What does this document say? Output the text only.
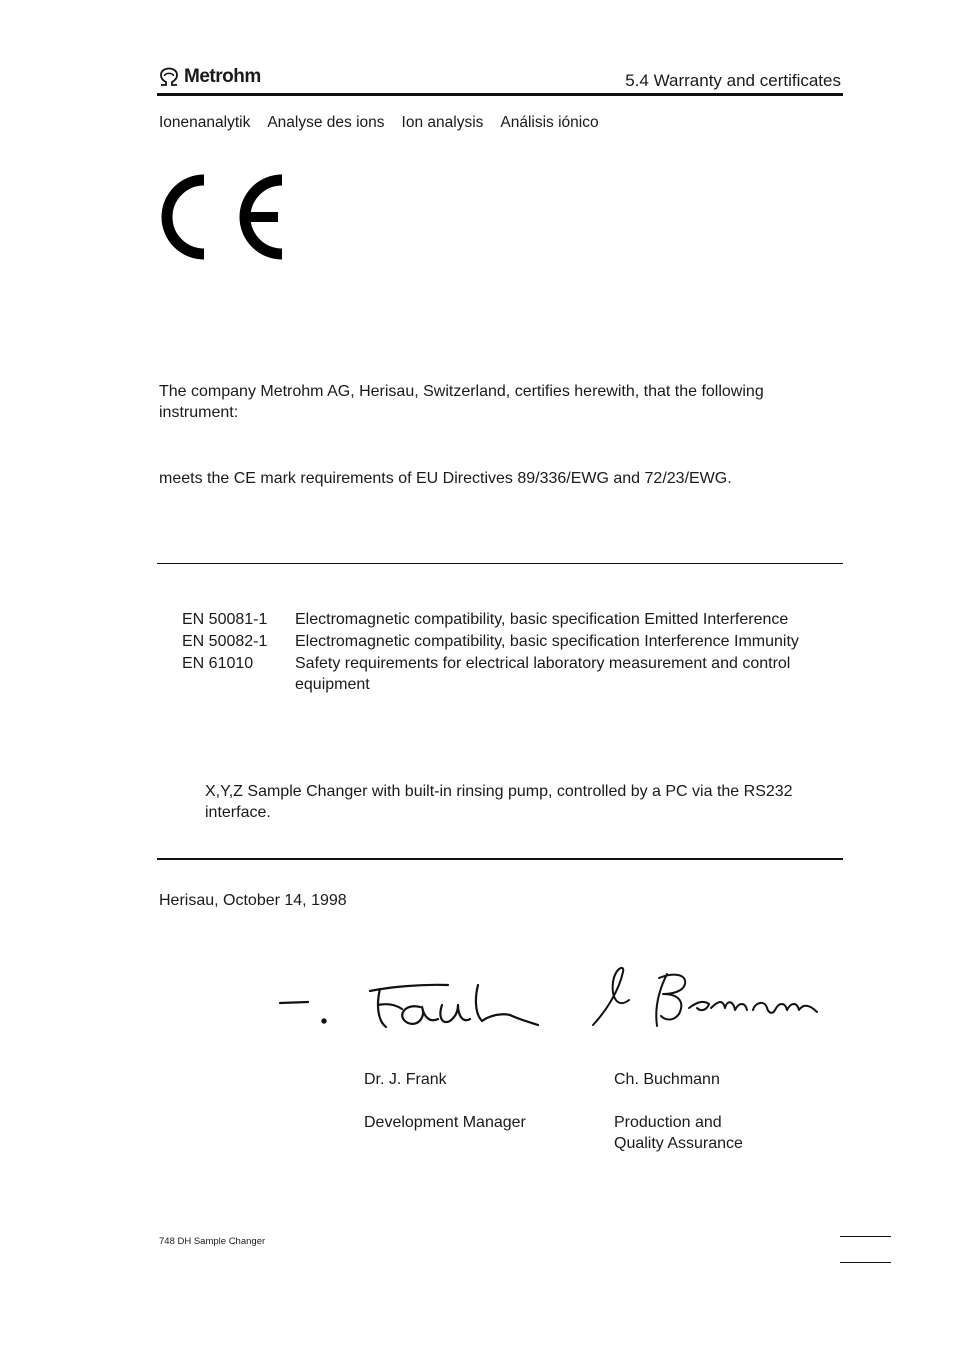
Metrohm	5.4 Warranty and certificates
Ionenanalytik Analyse des ions Ion analysis Análisis iónico
The company Metrohm AG, Herisau, Switzerland, certifies herewith, that the following instrument:
meets the CE mark requirements of EU Directives 89/336/EWG and 72/23/EWG.
EN 50081-1	Electromagnetic compatibility, basic specification Emitted Interference
EN 50082-1	Electromagnetic compatibility, basic specification Interference Immunity
EN 61010	Safety requirements for electrical laboratory measurement and control equipment
X,Y,Z Sample Changer with built-in rinsing pump, controlled by a PC via the RS232 interface.
Herisau, October 14, 1998
Dr. J. Frank
Development Manager
Ch. Buchmann
Production and
Quality Assurance
748 DH Sample Changer
